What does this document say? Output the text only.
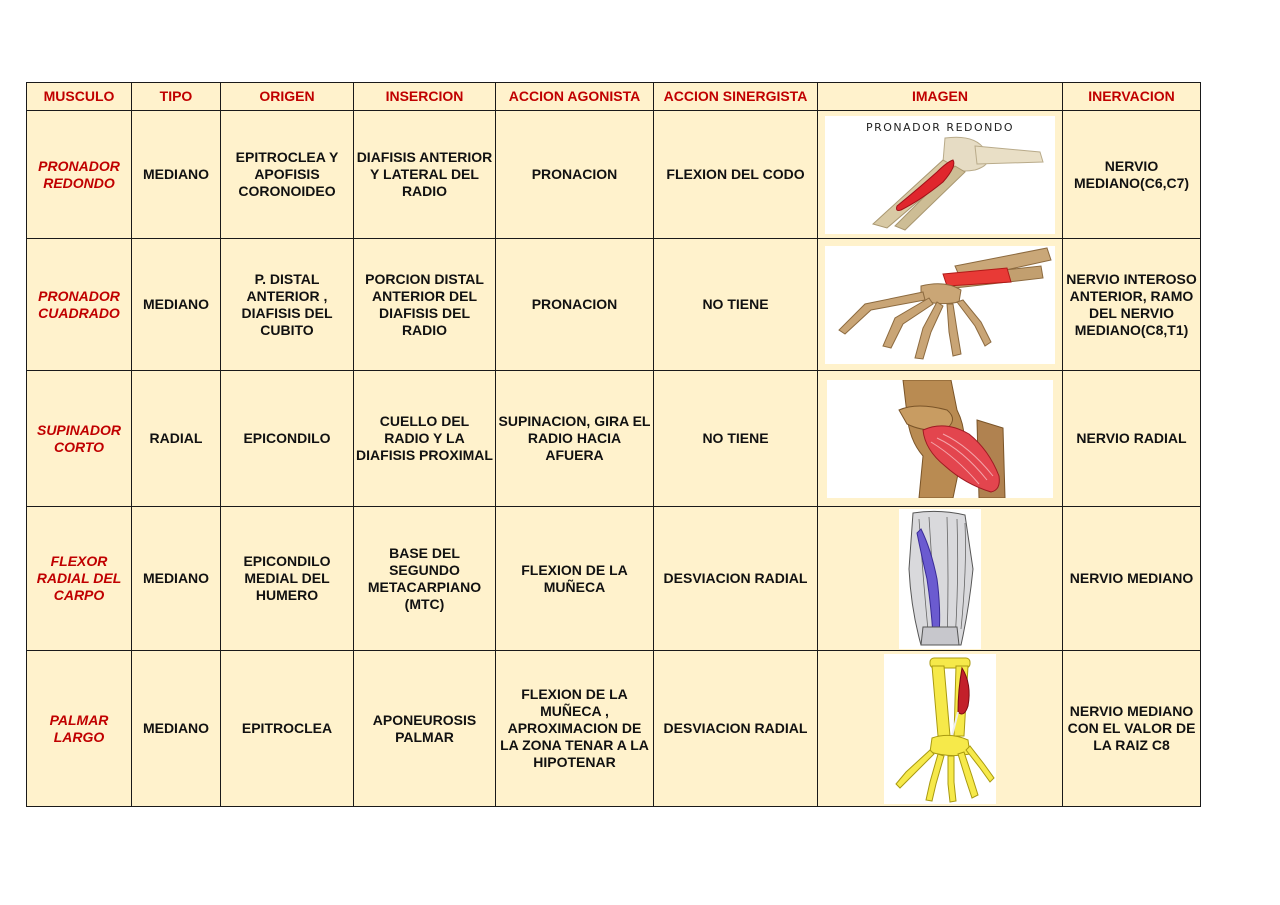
MUSCULO	TIPO	ORIGEN	INSERCION	ACCION AGONISTA	ACCION SINERGISTA	IMAGEN	INERVACION
PRONADOR REDONDO	MEDIANO	EPITROCLEA Y APOFISIS CORONOIDEO	DIAFISIS ANTERIOR Y LATERAL DEL RADIO	PRONACION	FLEXION DEL CODO	PRONADOR REDONDO	NERVIO MEDIANO(C6,C7)
PRONADOR CUADRADO	MEDIANO	P. DISTAL ANTERIOR , DIAFISIS DEL CUBITO	PORCION DISTAL ANTERIOR DEL DIAFISIS DEL RADIO	PRONACION	NO TIENE		NERVIO INTEROSO ANTERIOR, RAMO DEL NERVIO MEDIANO(C8,T1)
SUPINADOR CORTO	RADIAL	EPICONDILO	CUELLO DEL RADIO Y LA DIAFISIS PROXIMAL	SUPINACION, GIRA EL RADIO HACIA AFUERA	NO TIENE		NERVIO RADIAL
FLEXOR RADIAL DEL CARPO	MEDIANO	EPICONDILO MEDIAL DEL HUMERO	BASE DEL SEGUNDO METACARPIANO (MTC)	FLEXION DE LA MUÑECA	DESVIACION RADIAL		NERVIO MEDIANO
PALMAR LARGO	MEDIANO	EPITROCLEA	APONEUROSIS PALMAR	FLEXION DE LA MUÑECA , APROXIMACION DE LA ZONA TENAR A LA HIPOTENAR	DESVIACION RADIAL		NERVIO MEDIANO CON EL VALOR DE LA RAIZ C8
